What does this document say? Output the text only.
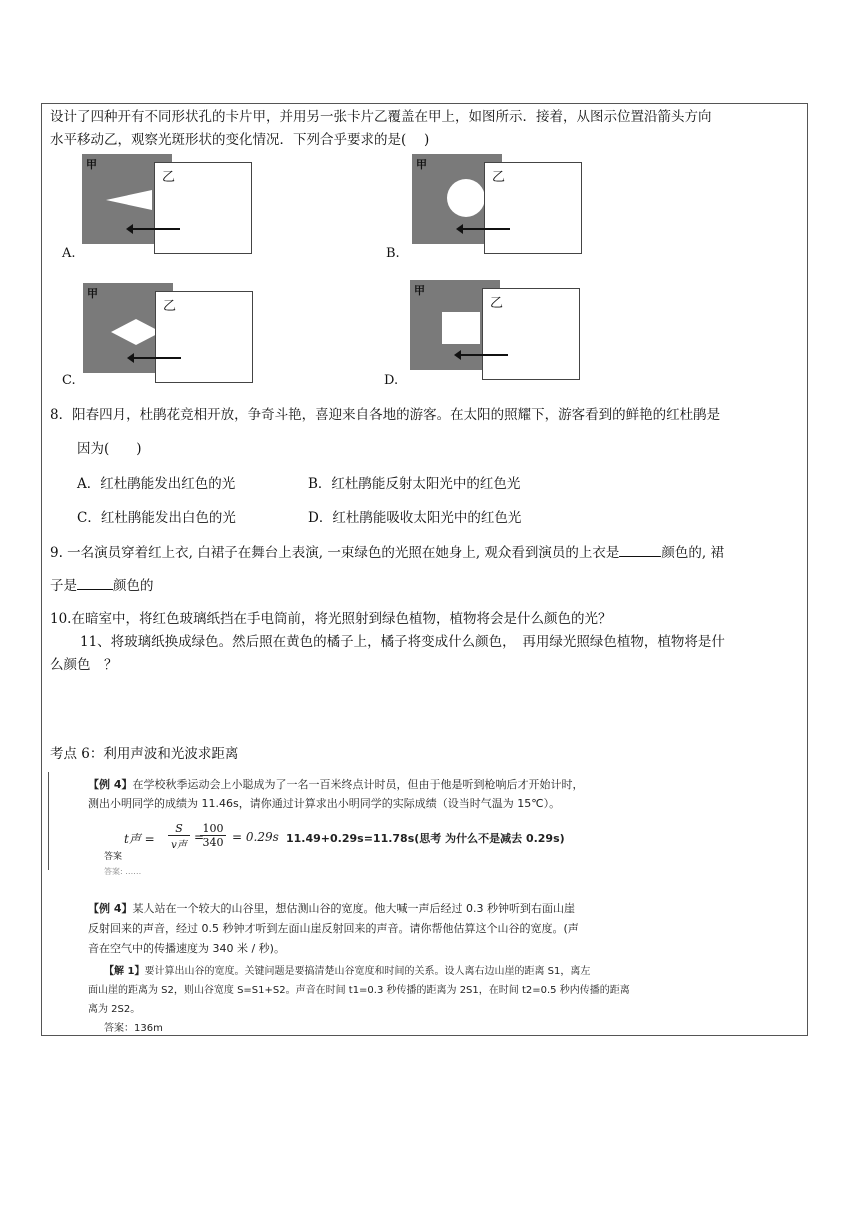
设计了四种开有不同形状孔的卡片甲，并用另一张卡片乙覆盖在甲上，如图所示．接着，从图示位置沿箭头方向
水平移动乙，观察光斑形状的变化情况．下列合乎要求的是(　 )
甲
乙
A.
甲
乙
B.
甲
乙
C.
甲
乙
D.
8．阳春四月，杜鹃花竞相开放，争奇斗艳，喜迎来自各地的游客。在太阳的照耀下，游客看到的鲜艳的红杜鹃是
因为(　　)
A．红杜鹃能发出红色的光	B．红杜鹃能反射太阳光中的红色光
C．红杜鹃能发出白色的光	D．红杜鹃能吸收太阳光中的红色光
9. 一名演员穿着红上衣, 白裙子在舞台上表演, 一束绿色的光照在她身上, 观众看到演员的上衣是	颜色的, 裙
子是	颜色的
10.在暗室中，将红色玻璃纸挡在手电筒前，将光照射到绿色植物，植物将会是什么颜色的光？
11、将玻璃纸换成绿色。然后照在黄色的橘子上，橘子将变成什么颜色，　再用绿光照绿色植物，植物将是什
么颜色　？
考点 6：利用声波和光波求距离
【例 4】在学校秋季运动会上小聪成为了一名一百米终点计时员，但由于他是听到枪响后才开始计时，
测出小明同学的成绩为 11.46s，请你通过计算求出小明同学的实际成绩（设当时气温为 15℃）。
t声 =
S
v声
=
$\frac{100}{340} = 0.29s$ 11.49+0.29s=11.78s(思考 为什么不是减去 0.29s)
答案
答案: ……
【例 4】某人站在一个较大的山谷里，想估测山谷的宽度。他大喊一声后经过 0.3 秒钟听到右面山崖
反射回来的声音，经过 0.5 秒钟才听到左面山崖反射回来的声音。请你帮他估算这个山谷的宽度。(声
音在空气中的传播速度为 340 米 / 秒)。
【解 1】要计算出山谷的宽度。关键问题是要搞清楚山谷宽度和时间的关系。设人离右边山崖的距离 S1，离左
面山崖的距离为 S2，则山谷宽度 S=S1+S2。声音在时间 t1=0.3 秒传播的距离为 2S1，在时间 t2=0.5 秒内传播的距离
离为 2S2。
答案：136m
